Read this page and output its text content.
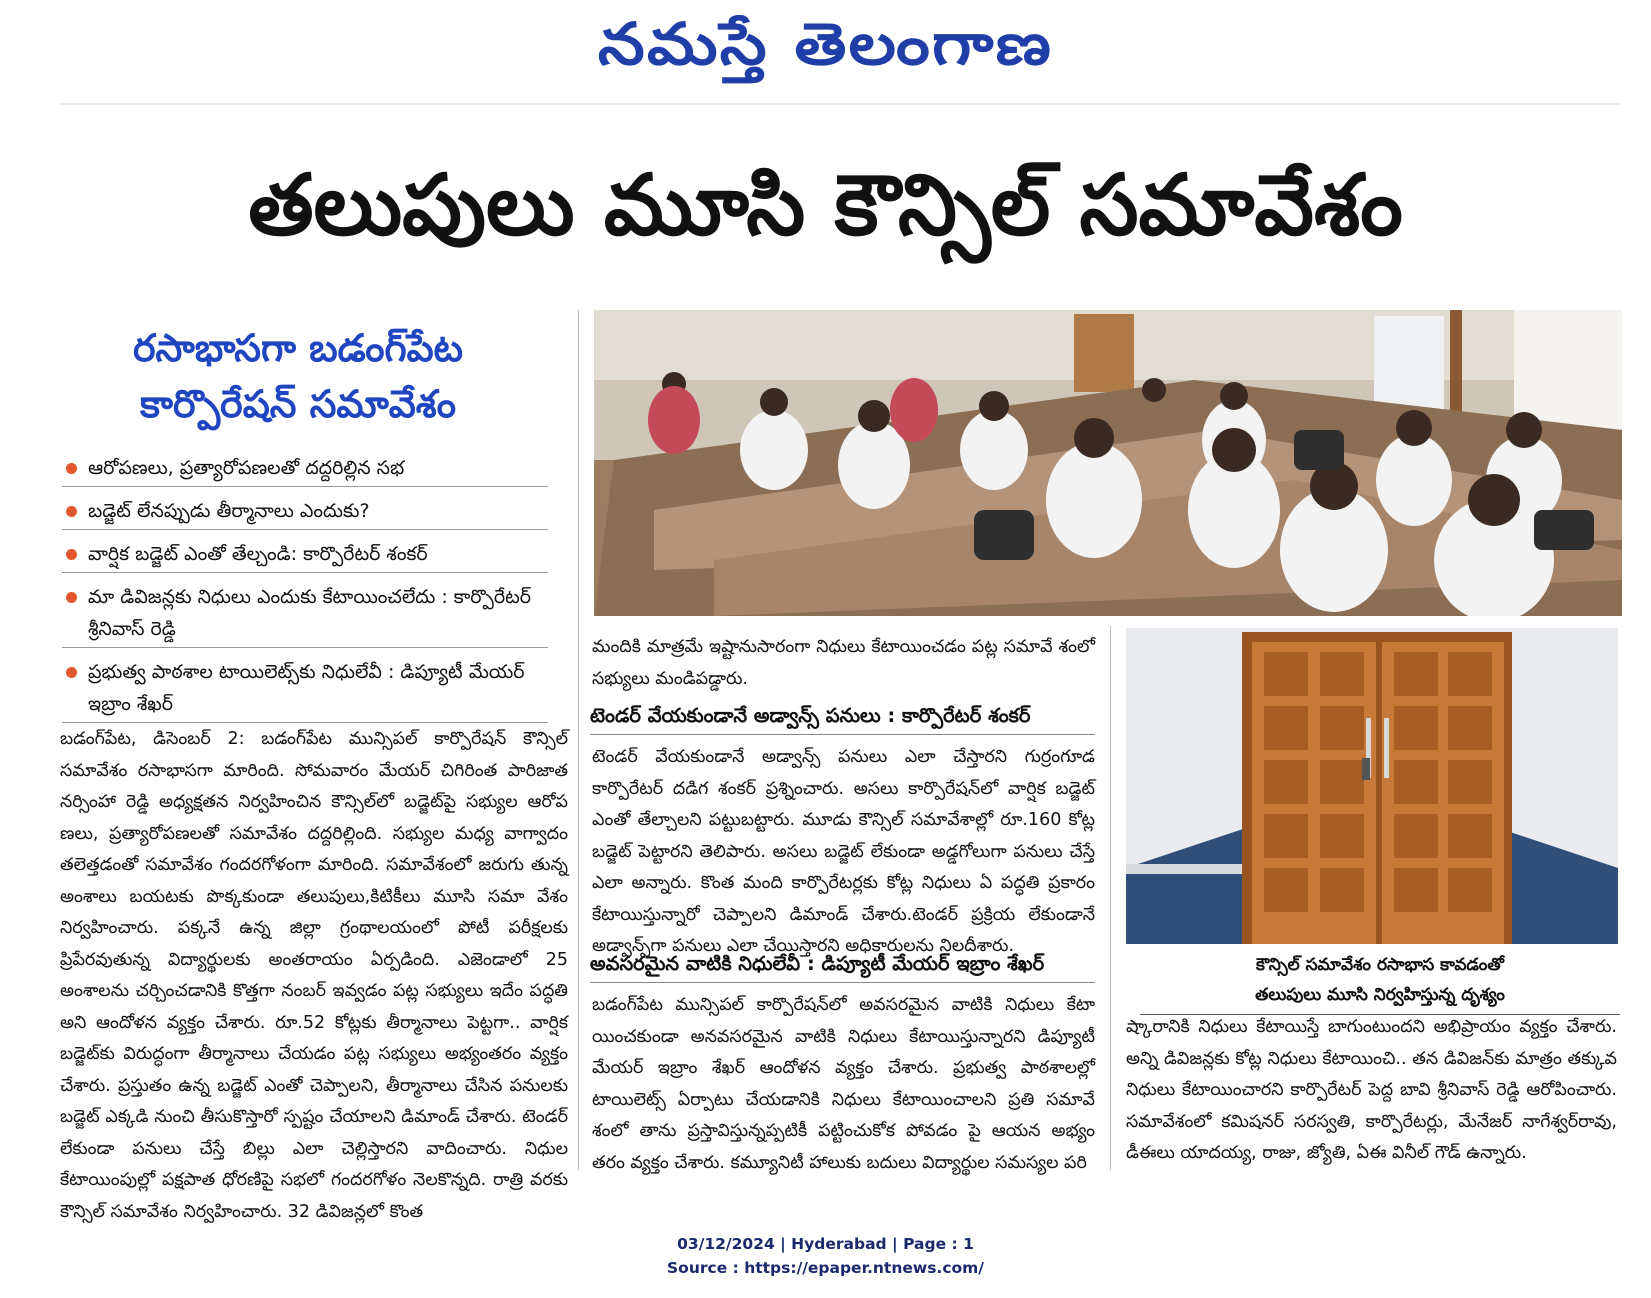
నమస్తే తెలంగాణ
తలుపులు మూసి కౌన్సిల్ సమావేశం
రసాభాసగా బడంగ్‌పేట
కార్పొరేషన్ సమావేశం
ఆరోపణలు, ప్రత్యారోపణలతో దద్దరిల్లిన సభ
బడ్జెట్ లేనప్పుడు తీర్మానాలు ఎందుకు?
వార్షిక బడ్జెట్ ఎంతో తేల్చండి: కార్పొరేటర్ శంకర్
మా డివిజన్లకు నిధులు ఎందుకు కేటాయించలేదు : కార్పొరేటర్ శ్రీనివాస్ రెడ్డి
ప్రభుత్వ పాఠశాల టాయిలెట్స్‌కు నిధులేవీ : డిప్యూటీ మేయర్ ఇబ్రాం శేఖర్
బడంగ్‌పేట, డిసెంబర్ 2: బడంగ్‌పేట మున్సిపల్ కార్పొరేషన్ కౌన్సిల్ సమావేశం రసాభాసగా మారింది. సోమవారం మేయర్ చిగిరింత పారిజాత నర్సింహా రెడ్డి అధ్యక్షతన నిర్వహించిన కౌన్సిల్‌లో బడ్జెట్‌పై సభ్యుల ఆరోప ణలు, ప్రత్యారోపణలతో సమావేశం దద్దరిల్లింది. సభ్యుల మధ్య వాగ్వాదం తలెత్తడంతో సమావేశం గందరగోళంగా మారింది. సమావేశంలో జరుగు తున్న అంశాలు బయటకు పొక్కకుండా తలుపులు,కిటికీలు మూసి సమా వేశం నిర్వహించారు. పక్కనే ఉన్న జిల్లా గ్రంథాలయంలో పోటీ పరీక్షలకు ప్రిపేరవుతున్న విద్యార్థులకు అంతరాయం ఏర్పడింది. ఎజెండాలో 25 అంశాలను చర్చించడానికి కొత్తగా నంబర్ ఇవ్వడం పట్ల సభ్యులు ఇదేం పద్ధతి అని ఆందోళన వ్యక్తం చేశారు. రూ.52 కోట్లకు తీర్మానాలు పెట్టగా.. వార్షిక బడ్జెట్‌కు విరుద్ధంగా తీర్మానాలు చేయడం పట్ల సభ్యులు అభ్యంతరం వ్యక్తం చేశారు. ప్రస్తుతం ఉన్న బడ్జెట్ ఎంతో చెప్పాలని, తీర్మానాలు చేసిన పనులకు బడ్జెట్ ఎక్కడి నుంచి తీసుకొస్తారో స్పష్టం చేయాలని డిమాండ్ చేశారు. టెండర్ లేకుండా పనులు చేస్తే బిల్లు ఎలా చెల్లిస్తారని వాదించారు. నిధుల కేటాయింపుల్లో పక్షపాత ధోరణిపై సభలో గందరగోళం నెలకొన్నది. రాత్రి వరకు కౌన్సిల్ సమావేశం నిర్వహించారు. 32 డివిజన్లలో కొంత
మందికి మాత్రమే ఇష్టానుసారంగా నిధులు కేటాయించడం పట్ల సమావే శంలో సభ్యులు మండిపడ్డారు.
టెండర్ వేయకుండానే అడ్వాన్స్ పనులు : కార్పొరేటర్ శంకర్
టెండర్ వేయకుండానే అడ్వాన్స్ పనులు ఎలా చేస్తారని గుర్రంగూడ కార్పొరేటర్ దడిగ శంకర్ ప్రశ్నించారు. అసలు కార్పొరేషన్‌లో వార్షిక బడ్జెట్ ఎంతో తేల్చాలని పట్టుబట్టారు. మూడు కౌన్సిల్ సమావేశాల్లో రూ.160 కోట్ల బడ్జెట్ పెట్టారని తెలిపారు. అసలు బడ్జెట్ లేకుండా అడ్డగోలుగా పనులు చేస్తే ఎలా అన్నారు. కొంత మంది కార్పొరేటర్లకు కోట్ల నిధులు ఏ పద్ధతి ప్రకారం కేటాయిస్తున్నారో చెప్పాలని డిమాండ్ చేశారు.టెండర్ ప్రక్రియ లేకుండానే అడ్వాన్స్‌గా పనులు ఎలా చేయిస్తారని అధికారులను నిలదీశారు.
అవసరమైన వాటికి నిధులేవీ : డిప్యూటీ మేయర్ ఇబ్రాం శేఖర్
బడంగ్‌పేట మున్సిపల్ కార్పొరేషన్‌లో అవసరమైన వాటికి నిధులు కేటా యించకుండా అనవసరమైన వాటికి నిధులు కేటాయిస్తున్నారని డిప్యూటీ మేయర్ ఇబ్రాం శేఖర్ ఆందోళన వ్యక్తం చేశారు. ప్రభుత్వ పాఠశాలల్లో టాయిలెట్స్ ఏర్పాటు చేయడానికి నిధులు కేటాయించాలని ప్రతి సమావే శంలో తాను ప్రస్తావిస్తున్నప్పటికీ పట్టించుకోక పోవడం పై ఆయన అభ్యం తరం వ్యక్తం చేశారు. కమ్యూనిటీ హాలుకు బదులు విద్యార్థుల సమస్యల పరి
కౌన్సిల్ సమావేశం రసాభాస కావడంతో
తలుపులు మూసి నిర్వహిస్తున్న దృశ్యం
ష్కారానికి నిధులు కేటాయిస్తే బాగుంటుందని అభిప్రాయం వ్యక్తం చేశారు. అన్ని డివిజన్లకు కోట్ల నిధులు కేటాయించి.. తన డివిజన్‌కు మాత్రం తక్కువ నిధులు కేటాయించారని కార్పొరేటర్ పెద్ద బావి శ్రీనివాస్ రెడ్డి ఆరోపించారు. సమావేశంలో కమిషనర్ సరస్వతి, కార్పొరేటర్లు, మేనేజర్ నాగేశ్వర్‌రావు, డీఈలు యాదయ్య, రాజు, జ్యోతి, ఏఈ వినీల్ గౌడ్ ఉన్నారు.
03/12/2024 | Hyderabad | Page : 1
Source : https://epaper.ntnews.com/
